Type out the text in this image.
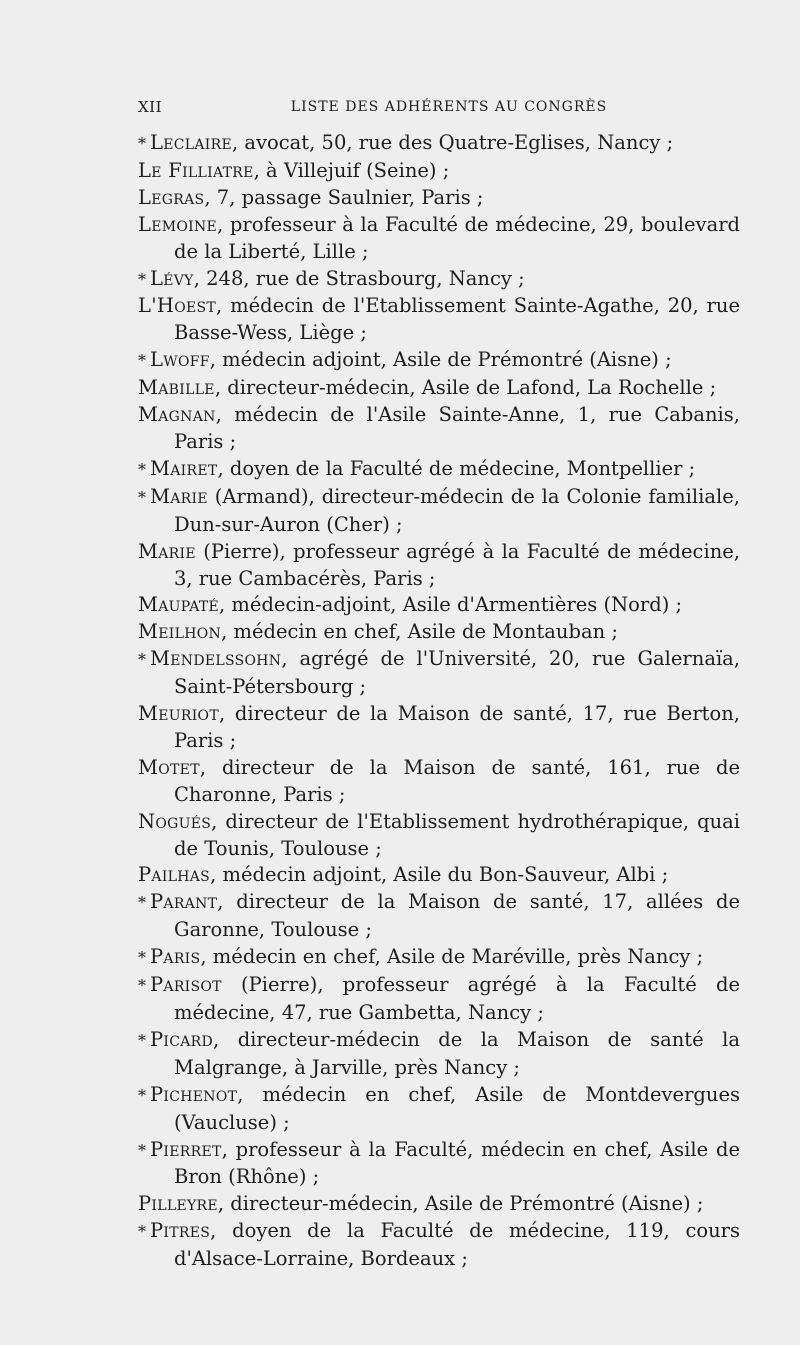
XII	LISTE DES ADHÉRENTS AU CONGRÈS
* Leclaire, avocat, 50, rue des Quatre-Eglises, Nancy ;
Le Filliatre, à Villejuif (Seine) ;
Legras, 7, passage Saulnier, Paris ;
Lemoine, professeur à la Faculté de médecine, 29, boulevard de la Liberté, Lille ;
* Lévy, 248, rue de Strasbourg, Nancy ;
L'Hoest, médecin de l'Etablissement Sainte-Agathe, 20, rue Basse-Wess, Liège ;
* Lwoff, médecin adjoint, Asile de Prémontré (Aisne) ;
Mabille, directeur-médecin, Asile de Lafond, La Rochelle ;
Magnan, médecin de l'Asile Sainte-Anne, 1, rue Cabanis, Paris ;
* Mairet, doyen de la Faculté de médecine, Montpellier ;
* Marie (Armand), directeur-médecin de la Colonie familiale, Dun-sur-Auron (Cher) ;
Marie (Pierre), professeur agrégé à la Faculté de médecine, 3, rue Cambacérès, Paris ;
Maupaté, médecin-adjoint, Asile d'Armentières (Nord) ;
Meilhon, médecin en chef, Asile de Montauban ;
* Mendelssohn, agrégé de l'Université, 20, rue Galernaïa, Saint-Pétersbourg ;
Meuriot, directeur de la Maison de santé, 17, rue Berton, Paris ;
Motet, directeur de la Maison de santé, 161, rue de Charonne, Paris ;
Nogués, directeur de l'Etablissement hydrothérapique, quai de Tounis, Toulouse ;
Pailhas, médecin adjoint, Asile du Bon-Sauveur, Albi ;
* Parant, directeur de la Maison de santé, 17, allées de Garonne, Toulouse ;
* Paris, médecin en chef, Asile de Maréville, près Nancy ;
* Parisot (Pierre), professeur agrégé à la Faculté de médecine, 47, rue Gambetta, Nancy ;
* Picard, directeur-médecin de la Maison de santé la Malgrange, à Jarville, près Nancy ;
* Pichenot, médecin en chef, Asile de Montdevergues (Vaucluse) ;
* Pierret, professeur à la Faculté, médecin en chef, Asile de Bron (Rhône) ;
Pilleyre, directeur-médecin, Asile de Prémontré (Aisne) ;
* Pitres, doyen de la Faculté de médecine, 119, cours d'Alsace-Lorraine, Bordeaux ;
